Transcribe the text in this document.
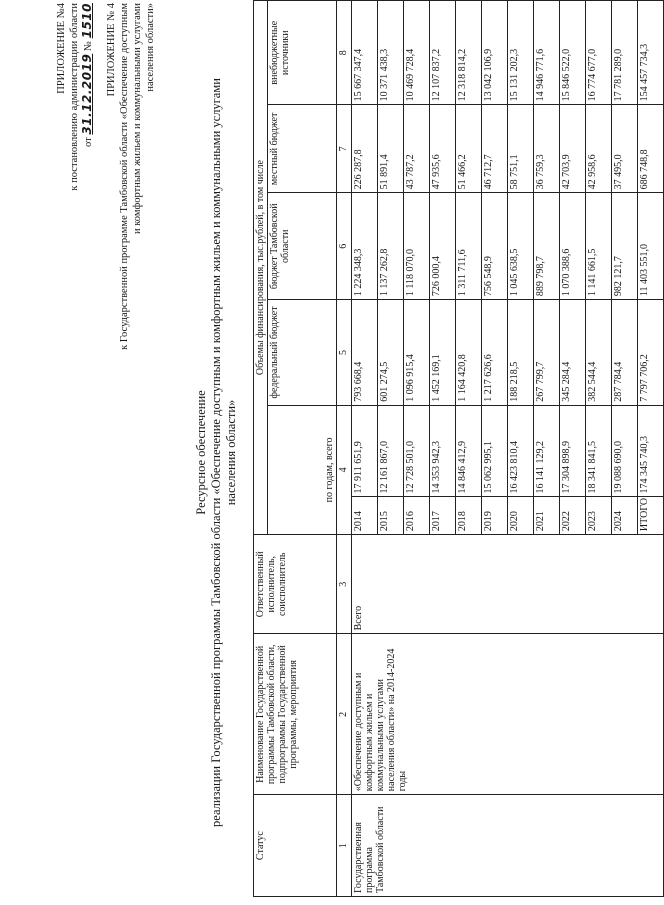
ПРИЛОЖЕНИЕ №4 к постановлению администрации области от 31.12.2019 № 1510 ПРИЛОЖЕНИЕ № 4 к Государственной программе Тамбовской области «Обеспечение доступным и комфортным жильем и коммунальными услугами населения области»
Ресурсное обеспечение реализации Государственной программы Тамбовской области «Обеспечение доступным и комфортным жильем и коммунальными услугами населения области»
Статус	Наименование Государственной программы Тамбовской области, подпрограммы Государственной программы, мероприятия	Ответственный исполнитель, соисполнитель	Объемы финансирования, тыс.рублей, в том числе					
			по годам, всего		федеральный бюджет	бюджет Тамбовской области	местный бюджет	внебюджетные источники
1	2	3	4		5	6	7	8
Государственная программа Тамбовской области	«Обеспечение доступным и комфортным жильем и коммунальными услугами населения области» на 2014-2024 годы	Всего	2014	17 911 651,9	793 668,4	1 224 348,3	226 287,8	15 667 347,4
			2015	12 161 867,0	601 274,5	1 137 262,8	51 891,4	10 371 438,3
			2016	12 728 501,0	1 096 915,4	1 118 070,0	43 787,2	10 469 728,4
			2017	14 353 942,3	1 452 169,1	726 000,4	47 935,6	12 107 837,2
			2018	14 846 412,9	1 164 420,8	1 311 711,6	51 466,2	12 318 814,2
			2019	15 062 995,1	1 217 626,6	756 548,9	46 712,7	13 042 106,9
			2020	16 423 810,4	188 218,5	1 045 638,5	58 751,1	15 131 202,3
			2021	16 141 129,2	267 799,7	889 798,7	36 759,3	14 946 771,6
			2022	17 304 898,9	345 284,4	1 070 388,6	42 703,9	15 846 522,0
			2023	18 341 841,5	382 544,4	1 141 661,5	42 958,6	16 774 677,0
			2024	19 088 690,0	287 784,4	982 121,7	37 495,0	17 781 289,0
			ИТОГО	174 345 740,3	7 797 706,2	11 403 551,0	686 748,8	154 457 734,3
